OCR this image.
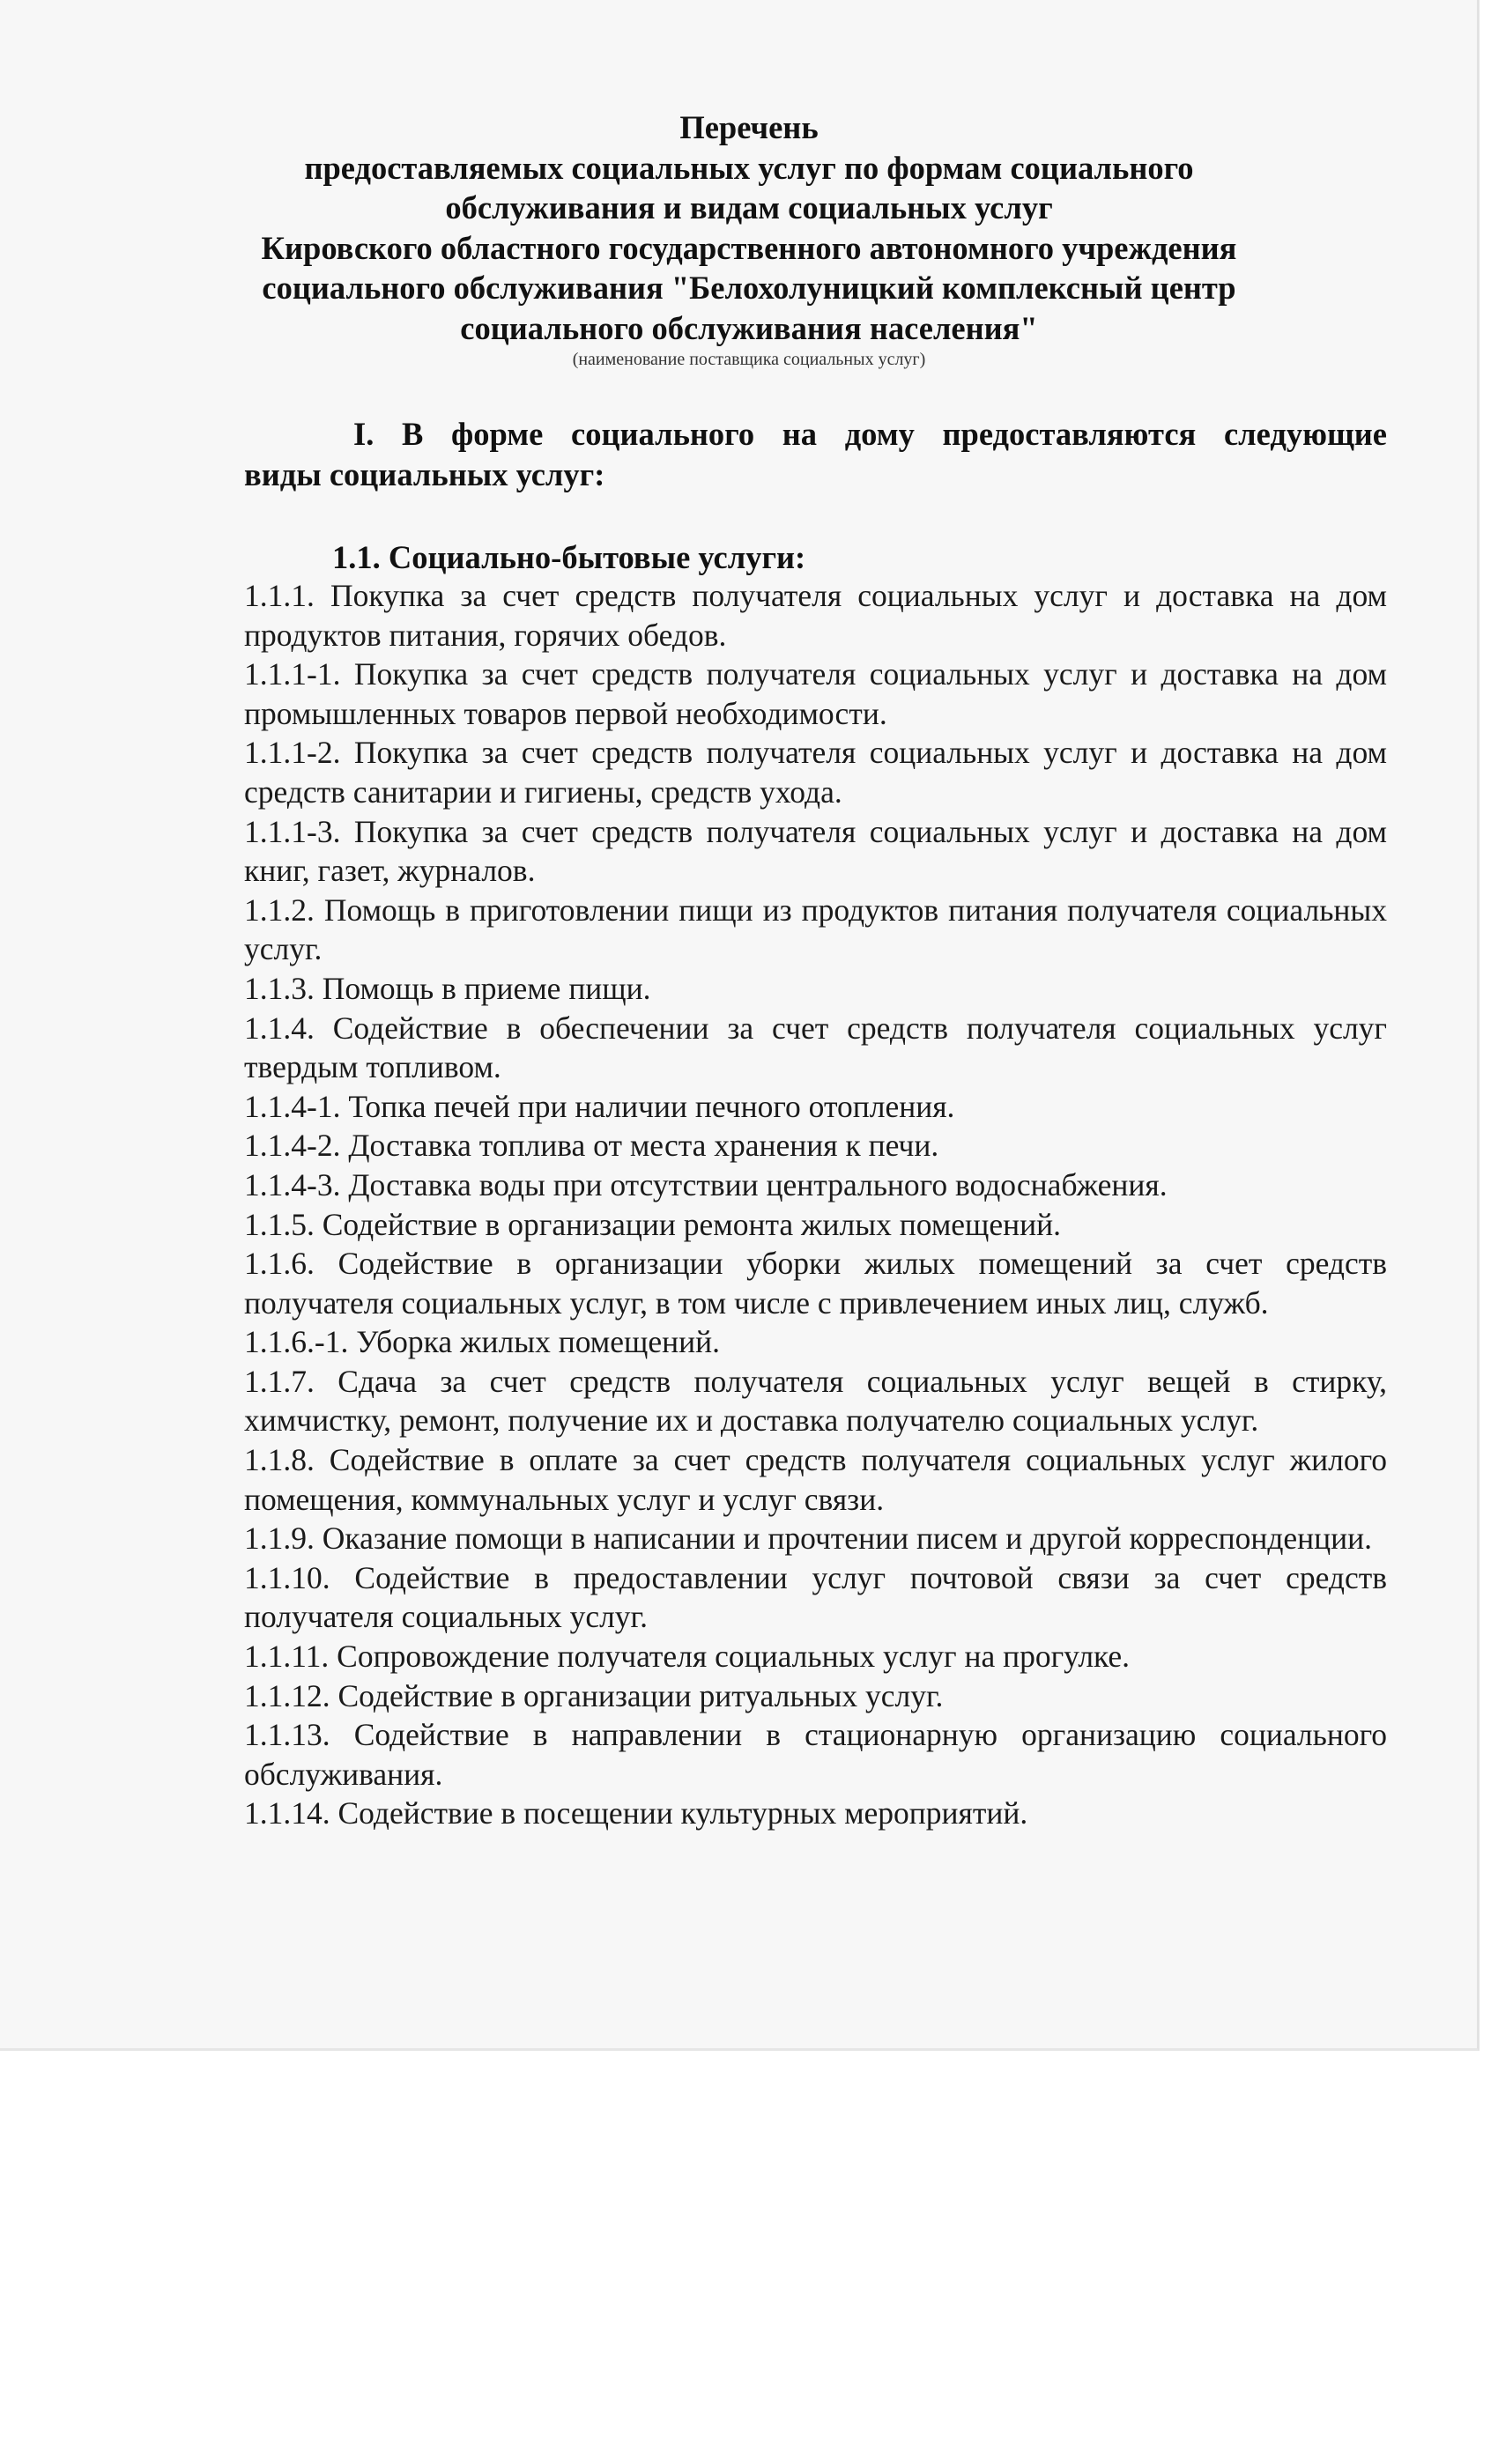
Перечень
предоставляемых социальных услуг по формам социального
обслуживания и видам социальных услуг
Кировского областного государственного автономного учреждения
социального обслуживания "Белохолуницкий комплексный центр
социального обслуживания населения"
(наименование поставщика социальных услуг)
I. В форме социального на дому предоставляются следующие
виды социальных услуг:
1.1. Социально-бытовые услуги:

1.1.1. Покупка за счет средств получателя социальных услуг и доставка на дом продуктов питания, горячих обедов.

1.1.1-1. Покупка за счет средств получателя социальных услуг и доставка на дом промышленных товаров первой необходимости.

1.1.1-2. Покупка за счет средств получателя социальных услуг и доставка на дом средств санитарии и гигиены, средств ухода.

1.1.1-3. Покупка за счет средств получателя социальных услуг и доставка на дом книг, газет, журналов.

1.1.2. Помощь в приготовлении пищи из продуктов питания получателя социальных услуг.

1.1.3. Помощь в приеме пищи.

1.1.4. Содействие в обеспечении за счет средств получателя социальных услуг твердым топливом.

1.1.4-1. Топка печей при наличии печного отопления.

1.1.4-2. Доставка топлива от места хранения к печи.

1.1.4-3. Доставка воды при отсутствии центрального водоснабжения.

1.1.5. Содействие в организации ремонта жилых помещений.

1.1.6. Содействие в организации уборки жилых помещений за счет средств получателя социальных услуг, в том числе с привлечением иных лиц, служб.

1.1.6.-1. Уборка жилых помещений.

1.1.7. Сдача за счет средств получателя социальных услуг вещей в стирку, химчистку, ремонт, получение их и доставка получателю социальных услуг.

1.1.8. Содействие в оплате за счет средств получателя социальных услуг жилого помещения, коммунальных услуг и услуг связи.

1.1.9. Оказание помощи в написании и прочтении писем и другой корреспонденции.

1.1.10. Содействие в предоставлении услуг почтовой связи за счет средств получателя социальных услуг.

1.1.11. Сопровождение получателя социальных услуг на прогулке.

1.1.12. Содействие в организации ритуальных услуг.

1.1.13. Содействие в направлении в стационарную организацию социального обслуживания.

1.1.14. Содействие в посещении культурных мероприятий.
